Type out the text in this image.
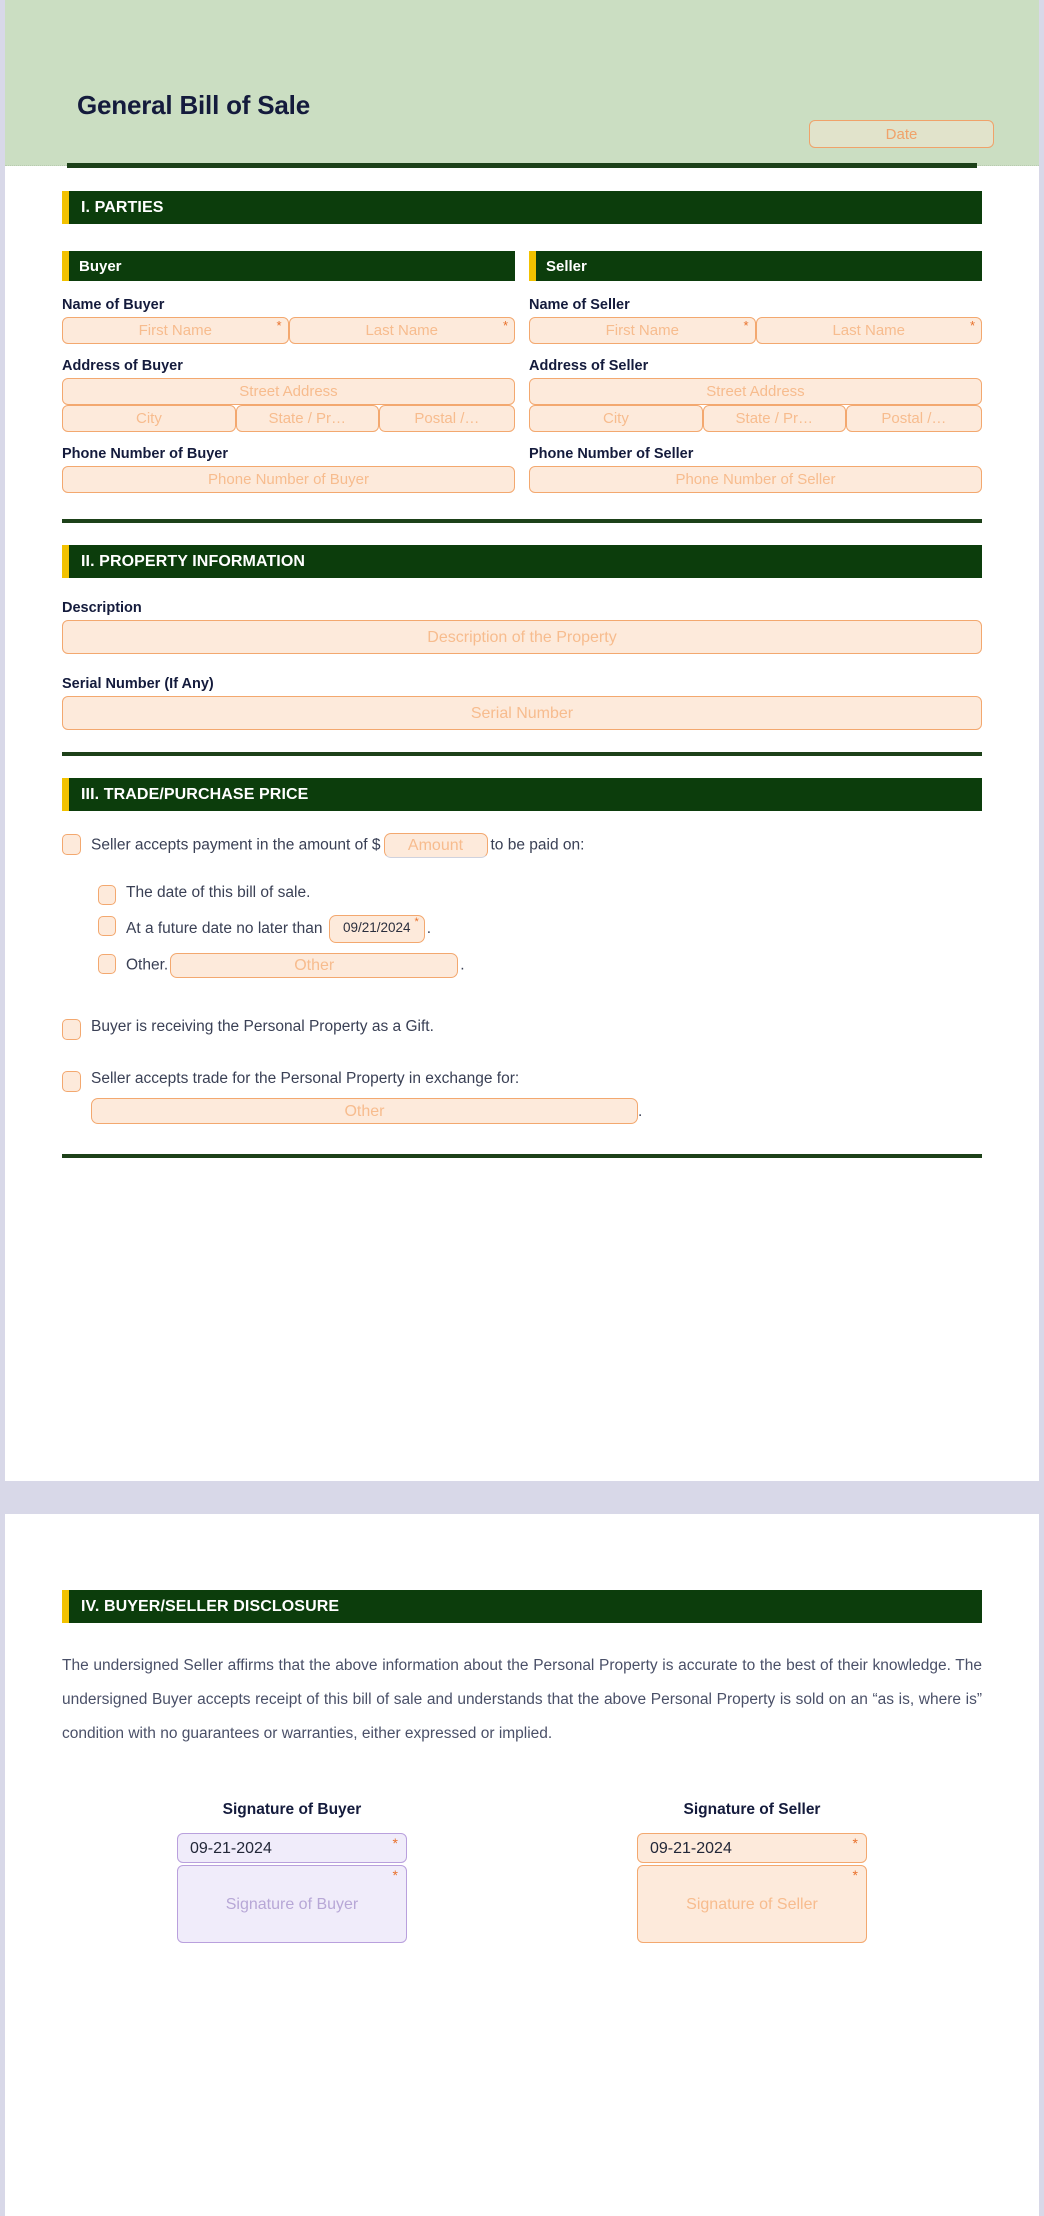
General Bill of Sale
Date
I. PARTIES
Buyer
Name of Buyer
First Name	*	Last Name	*
Address of Buyer
Street Address
City	State / Pr…	Postal /…
Phone Number of Buyer
Phone Number of Buyer
Seller
Name of Seller
First Name	*	Last Name	*
Address of Seller
Street Address
City	State / Pr…	Postal /…
Phone Number of Seller
Phone Number of Seller
II. PROPERTY INFORMATION
Description
Description of the Property
Serial Number (If Any)
Serial Number
III. TRADE/PURCHASE PRICE
Seller accepts payment in the amount of $ Amount to be paid on:
The date of this bill of sale.
At a future date no later than 09/21/2024 * .
Other.	Other	.
Buyer is receiving the Personal Property as a Gift.
Seller accepts trade for the Personal Property in exchange for:
Other	.
IV. BUYER/SELLER DISCLOSURE
The undersigned Seller affirms that the above information about the Personal Property is accurate to the best of their knowledge. The undersigned Buyer accepts receipt of this bill of sale and understands that the above Personal Property is sold on an “as is, where is” condition with no guarantees or warranties, either expressed or implied.
Signature of Buyer
09-21-2024	*
Signature of Buyer
*
Signature of Seller
09-21-2024	*
Signature of Seller
*
